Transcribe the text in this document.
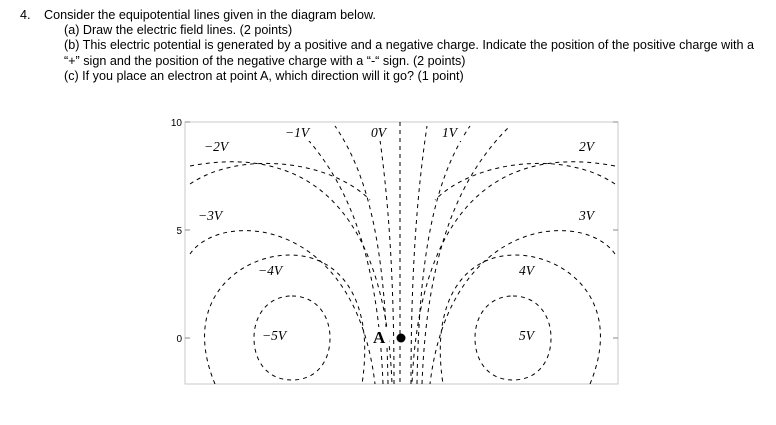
4.	Consider the equipotential lines given in the diagram below.
(a) Draw the electric field lines. (2 points)
(b) This electric potential is generated by a positive and a negative charge. Indicate the position of the positive charge with a “+” sign and the position of the negative charge with a “-“ sign. (2 points)
(c) If you place an electron at point A, which direction will it go? (1 point)
10
5
0
−2V
−1V	0V	1V
2V
−3V	3V
−4V	4V
−5V	5V
A
